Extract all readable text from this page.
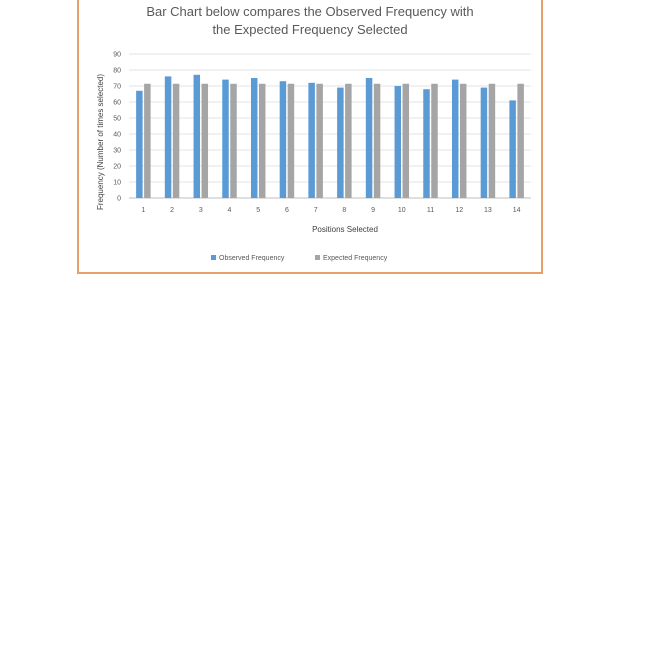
Bar Chart below compares the Observed Frequency with
the Expected Frequency Selected
0
10
20
30
40
50
60
70
80
90
1	2	3	4	5	6	7	8	9	10	11	12	13	14
Frequency (Number of times selected)
Positions Selected
Observed Frequency	Expected Frequency
